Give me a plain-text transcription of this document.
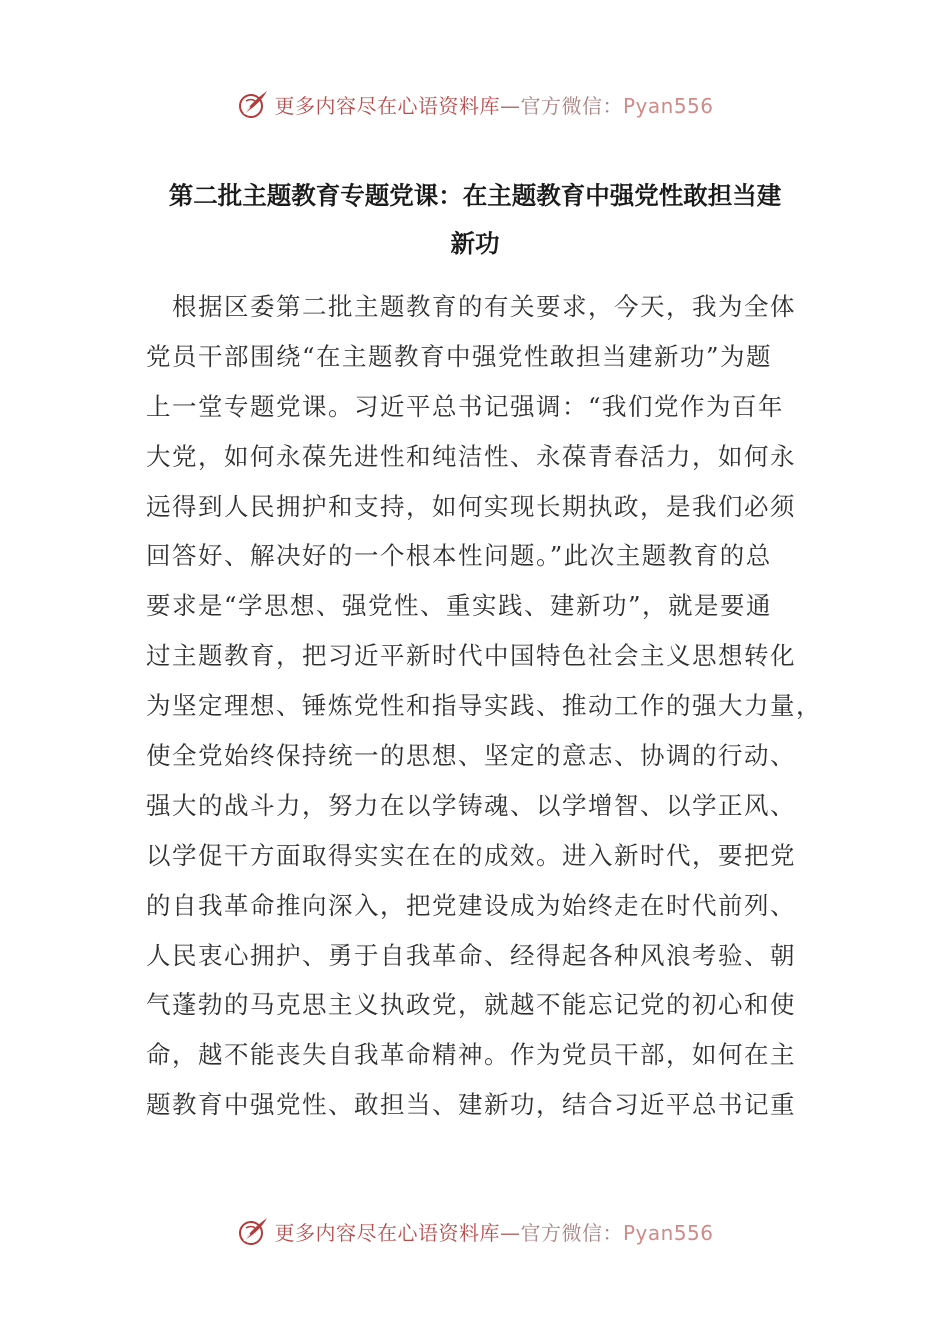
更多内容尽在心语资料库—官方微信：Pyan556
第二批主题教育专题党课：在主题教育中强党性敢担当建
新功
　根据区委第二批主题教育的有关要求，今天，我为全体
党员干部围绕“在主题教育中强党性敢担当建新功”为题
上一堂专题党课。习近平总书记强调：“我们党作为百年
大党，如何永葆先进性和纯洁性、永葆青春活力，如何永
远得到人民拥护和支持，如何实现长期执政，是我们必须
回答好、解决好的一个根本性问题。”此次主题教育的总
要求是“学思想、强党性、重实践、建新功”，就是要通
过主题教育，把习近平新时代中国特色社会主义思想转化
为坚定理想、锤炼党性和指导实践、推动工作的强大力量，
使全党始终保持统一的思想、坚定的意志、协调的行动、
强大的战斗力，努力在以学铸魂、以学增智、以学正风、
以学促干方面取得实实在在的成效。进入新时代，要把党
的自我革命推向深入，把党建设成为始终走在时代前列、
人民衷心拥护、勇于自我革命、经得起各种风浪考验、朝
气蓬勃的马克思主义执政党，就越不能忘记党的初心和使
命，越不能丧失自我革命精神。作为党员干部，如何在主
题教育中强党性、敢担当、建新功，结合习近平总书记重
更多内容尽在心语资料库—官方微信：Pyan556
